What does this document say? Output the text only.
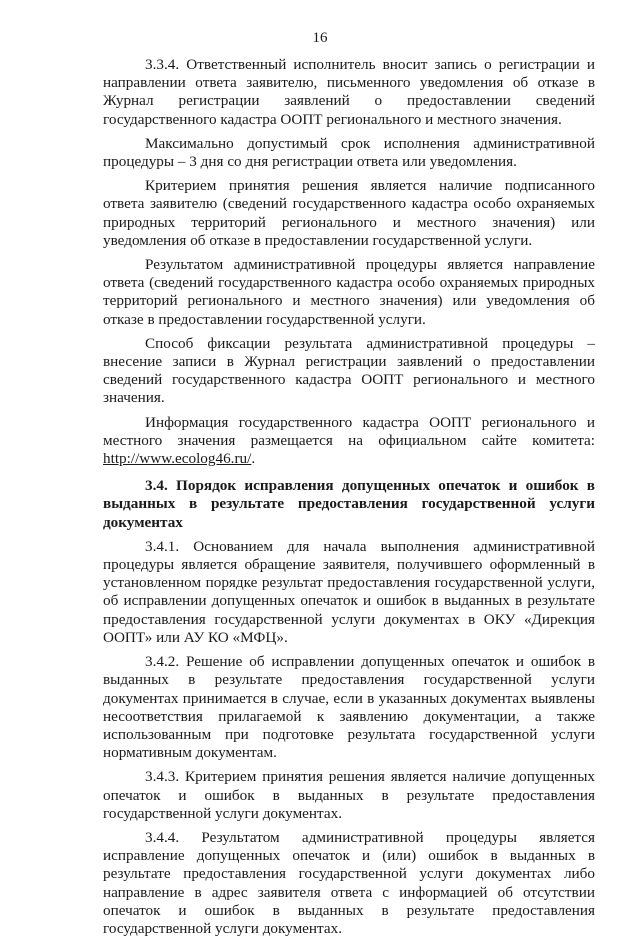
16

3.3.4. Ответственный исполнитель вносит запись о регистрации и направлении ответа заявителю, письменного уведомления об отказе в Журнал регистрации заявлений о предоставлении сведений государственного кадастра ООПТ регионального и местного значения.

Максимально допустимый срок исполнения административной процедуры – 3 дня со дня регистрации ответа или уведомления.

Критерием принятия решения является наличие подписанного ответа заявителю (сведений государственного кадастра особо охраняемых природных территорий регионального и местного значения) или уведомления об отказе в предоставлении государственной услуги.

Результатом административной процедуры является направление ответа (сведений государственного кадастра особо охраняемых природных территорий регионального и местного значения) или уведомления об отказе в предоставлении государственной услуги.

Способ фиксации результата административной процедуры – внесение записи в Журнал регистрации заявлений о предоставлении сведений государственного кадастра ООПТ регионального и местного значения.

Информация государственного кадастра ООПТ регионального и местного значения размещается на официальном сайте комитета: http://www.ecolog46.ru/.

3.4. Порядок исправления допущенных опечаток и ошибок в выданных в результате предоставления государственной услуги документах

3.4.1. Основанием для начала выполнения административной процедуры является обращение заявителя, получившего оформленный в установленном порядке результат предоставления государственной услуги, об исправлении допущенных опечаток и ошибок в выданных в результате предоставления государственной услуги документах в ОКУ «Дирекция ООПТ» или АУ КО «МФЦ».

3.4.2. Решение об исправлении допущенных опечаток и ошибок в выданных в результате предоставления государственной услуги документах принимается в случае, если в указанных документах выявлены несоответствия прилагаемой к заявлению документации, а также использованным при подготовке результата государственной услуги нормативным документам.

3.4.3. Критерием принятия решения является наличие допущенных опечаток и ошибок в выданных в результате предоставления государственной услуги документах.

3.4.4. Результатом административной процедуры является исправление допущенных опечаток и (или) ошибок в выданных в результате предоставления государственной услуги документах либо направление в адрес заявителя ответа с информацией об отсутствии опечаток и ошибок в выданных в результате предоставления государственной услуги документах.
